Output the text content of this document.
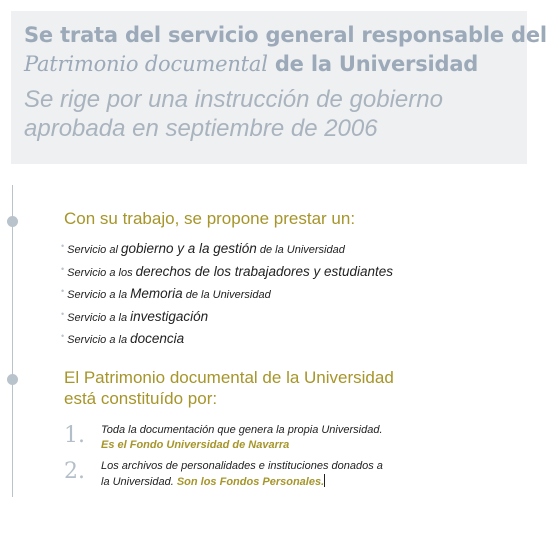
Se trata del servicio general responsable del
Patrimonio documental de la Universidad
Se rige por una instrucción de gobierno
aprobada en septiembre de 2006
Con su trabajo, se propone prestar un:
• Servicio al gobierno y a la gestión de la Universidad
• Servicio a los derechos de los trabajadores y estudiantes
• Servicio a la Memoria de la Universidad
• Servicio a la investigación
• Servicio a la docencia
El Patrimonio documental de la Universidad
está constituído por:
1. Toda la documentación que genera la propia Universidad.
Es el Fondo Universidad de Navarra
2. Los archivos de personalidades e instituciones donados a
la Universidad. Son los Fondos Personales.
